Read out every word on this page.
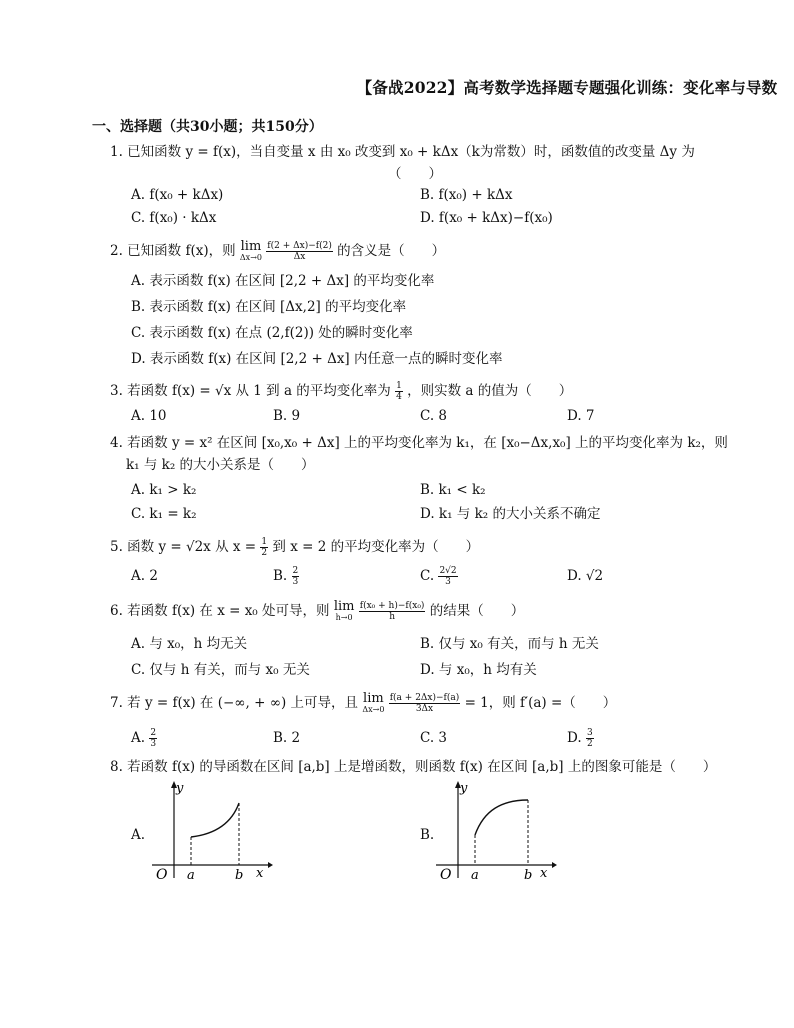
【备战2022】高考数学选择题专题强化训练：变化率与导数
一、选择题（共30小题；共150分）
1. 已知函数 y = f(x)，当自变量 x 由 x₀ 改变到 x₀ + kΔx（k为常数）时，函数值的改变量 Δy 为
（　　）
A. f(x₀ + kΔx)	B. f(x₀) + kΔx
C. f(x₀) · kΔx	D. f(x₀ + kΔx)−f(x₀)
2. 已知函数 f(x)，则 lim
Δx→0
$\frac{f(2 + \Delta x)-f(2)}{\Delta x}$ 的含义是（　　）
A. 表示函数 f(x) 在区间 [2,2 + Δx] 的平均变化率
B. 表示函数 f(x) 在区间 [Δx,2] 的平均变化率
C. 表示函数 f(x) 在点 (2,f(2)) 处的瞬时变化率
D. 表示函数 f(x) 在区间 [2,2 + Δx] 内任意一点的瞬时变化率
3. 若函数 f(x) = √x 从 1 到 a 的平均变化率为 $\frac{1}{4}$ ，则实数 a 的值为（　　）
A. 10	B. 9	C. 8	D. 7
4. 若函数 y = x² 在区间 [x₀,x₀ + Δx] 上的平均变化率为 k₁，在 [x₀−Δx,x₀] 上的平均变化率为 k₂，则
k₁ 与 k₂ 的大小关系是（　　）
A. k₁ > k₂	B. k₁ < k₂
C. k₁ = k₂	D. k₁ 与 k₂ 的大小关系不确定
5. 函数 y = √2x 从 $x = \frac{1}{2}$ 到 x = 2 的平均变化率为（　　）
A. 2	B. $\frac{2}{3}$	C. $\frac{2√2}{3}$	D. √2
6. 若函数 f(x) 在 x = x₀ 处可导，则 lim
h→0
$\frac{\text{f(x₀ + h)−f(x₀)}}{h}$ 的结果（　　）
A. 与 x₀，h 均无关	B. 仅与 x₀ 有关，而与 h 无关
C. 仅与 h 有关，而与 x₀ 无关	D. 与 x₀，h 均有关
7. 若 y = f(x) 在 (−∞, + ∞) 上可导，且 lim
Δx→0
$\frac{f(a + 2\Delta x)-f(a)}{3\Delta x} = 1$，则 f′(a) =（　　）
A. $\frac{2}{3}$	B. 2	C. 3	D. $\frac{3}{2}$
8. 若函数 f(x) 的导函数在区间 [a,b] 上是增函数，则函数 f(x) 在区间 [a,b] 上的图象可能是（　　）
A.	B.
y
x
O a	b
y
x
O a	b
